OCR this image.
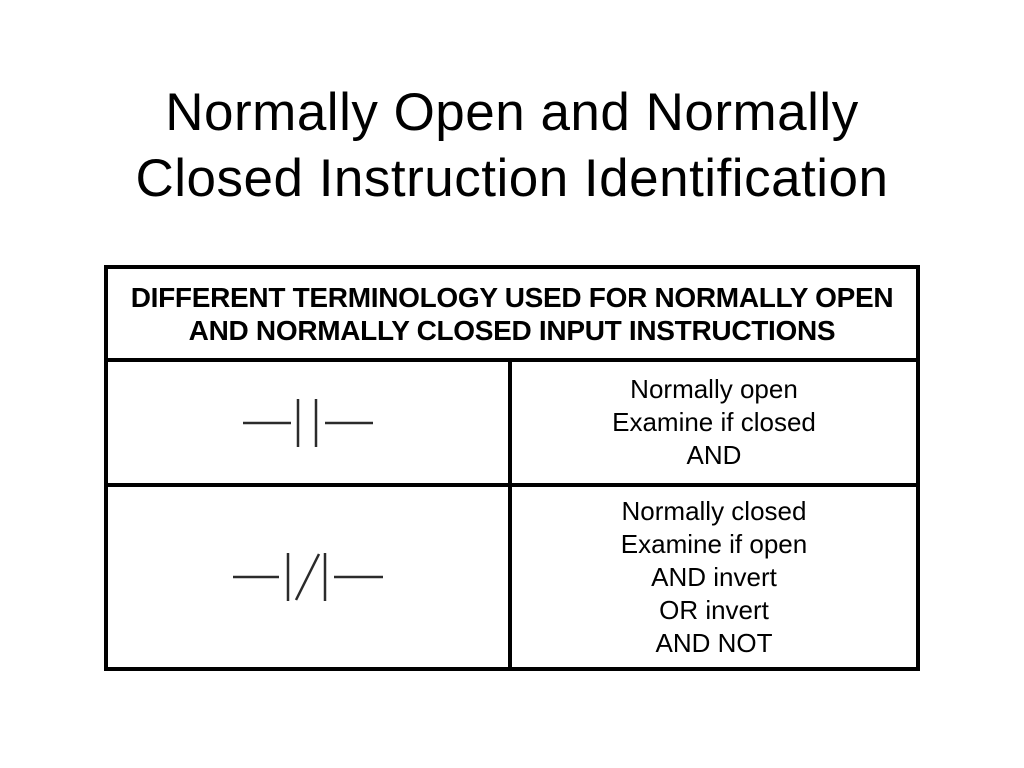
Normally Open and Normally
Closed Instruction Identification
DIFFERENT TERMINOLOGY USED FOR NORMALLY OPEN
AND NORMALLY CLOSED INPUT INSTRUCTIONS
Normally open
Examine if closed
AND
Normally closed
Examine if open
AND invert
OR invert
AND NOT
